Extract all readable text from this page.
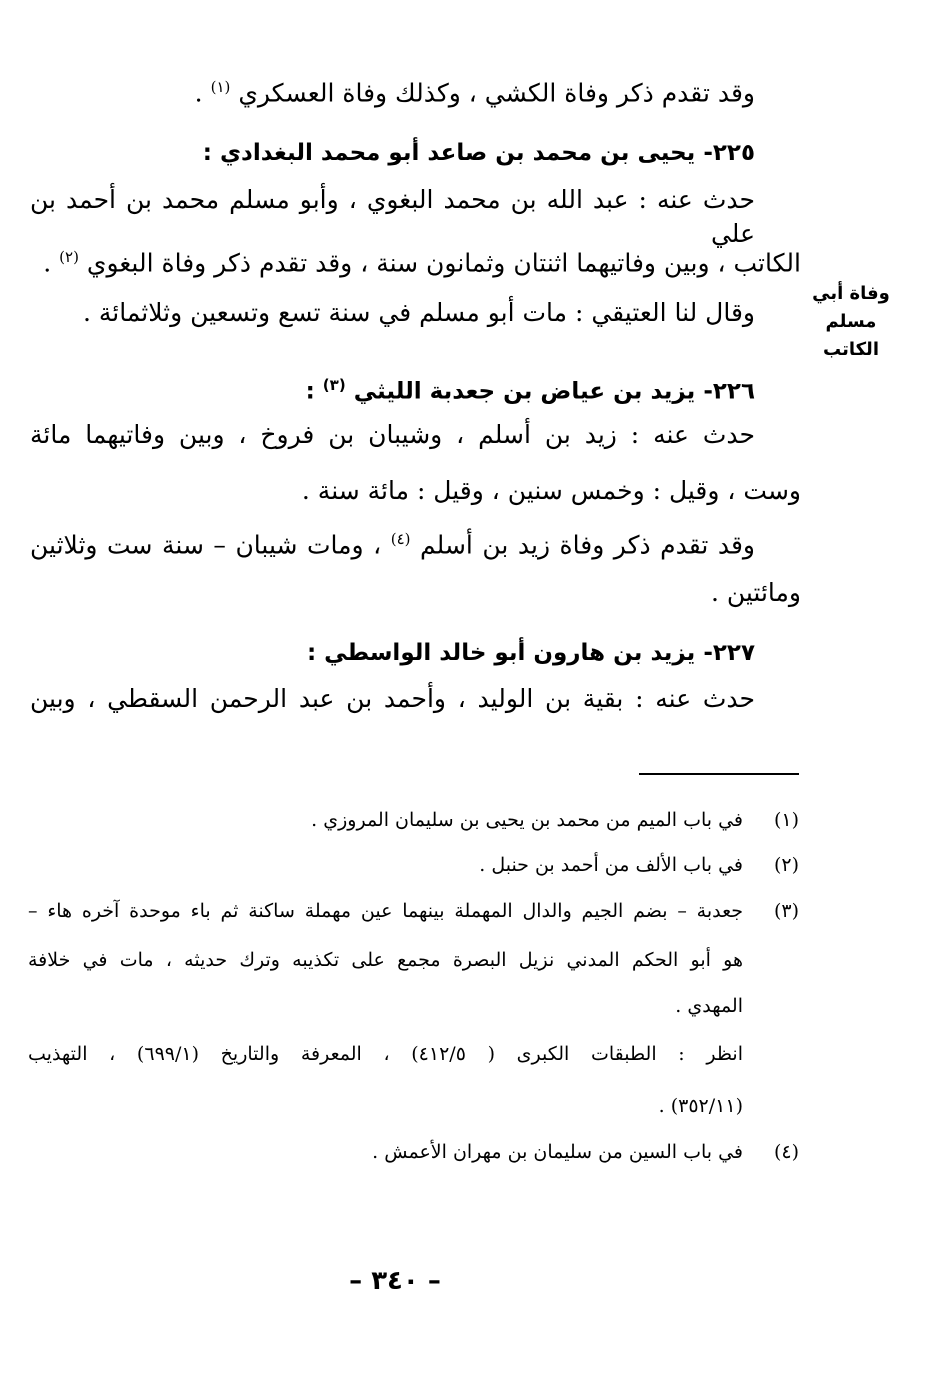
وقد تقدم ذكر وفاة الكشي ، وكذلك وفاة العسكري $^{(١)}$ .
٢٢٥- يحيى بن محمد بن صاعد أبو محمد البغدادي :
حدث عنه : عبد الله بن محمد البغوي ، وأبو مسلم محمد بن أحمد بن علي
الكاتب ، وبين وفاتيهما اثنتان وثمانون سنة ، وقد تقدم ذكر وفاة البغوي $^{(٢)}$ .
وقال لنا العتيقي : مات أبو مسلم في سنة تسع وتسعين وثلاثمائة .
وفاة أبي
مسلم الكاتب
٢٢٦- يزيد بن عياض بن جعدبة الليثي $^{(٣)}$ :
حدث عنه : زيد بن أسلم ، وشيبان بن فروخ ، وبين وفاتيهما مائة
وست ، وقيل : وخمس سنين ، وقيل : مائة سنة .
وقد تقدم ذكر وفاة زيد بن أسلم $^{(٤)}$ ، ومات شيبان – سنة ست وثلاثين
ومائتين .
٢٢٧- يزيد بن هارون أبو خالد الواسطي :
حدث عنه : بقية بن الوليد ، وأحمد بن عبد الرحمن السقطي ، وبين
(١)
في باب الميم من محمد بن يحيى بن سليمان المروزي .
(٢)
في باب الألف من أحمد بن حنبل .
(٣)
جعدبة – بضم الجيم والدال المهملة بينهما عين مهملة ساكنة ثم باء موحدة آخره هاء –
هو أبو الحكم المدني نزيل البصرة مجمع على تكذيبه وترك حديثه ، مات في خلافة
المهدي .
انظر : الطبقات الكبرى ( ٤١٢/٥) ، المعرفة والتاريخ (٦٩٩/١) ، التهذيب
(٣٥٢/١١) .
(٤)
في باب السين من سليمان بن مهران الأعمش .
– ٣٤٠ –
